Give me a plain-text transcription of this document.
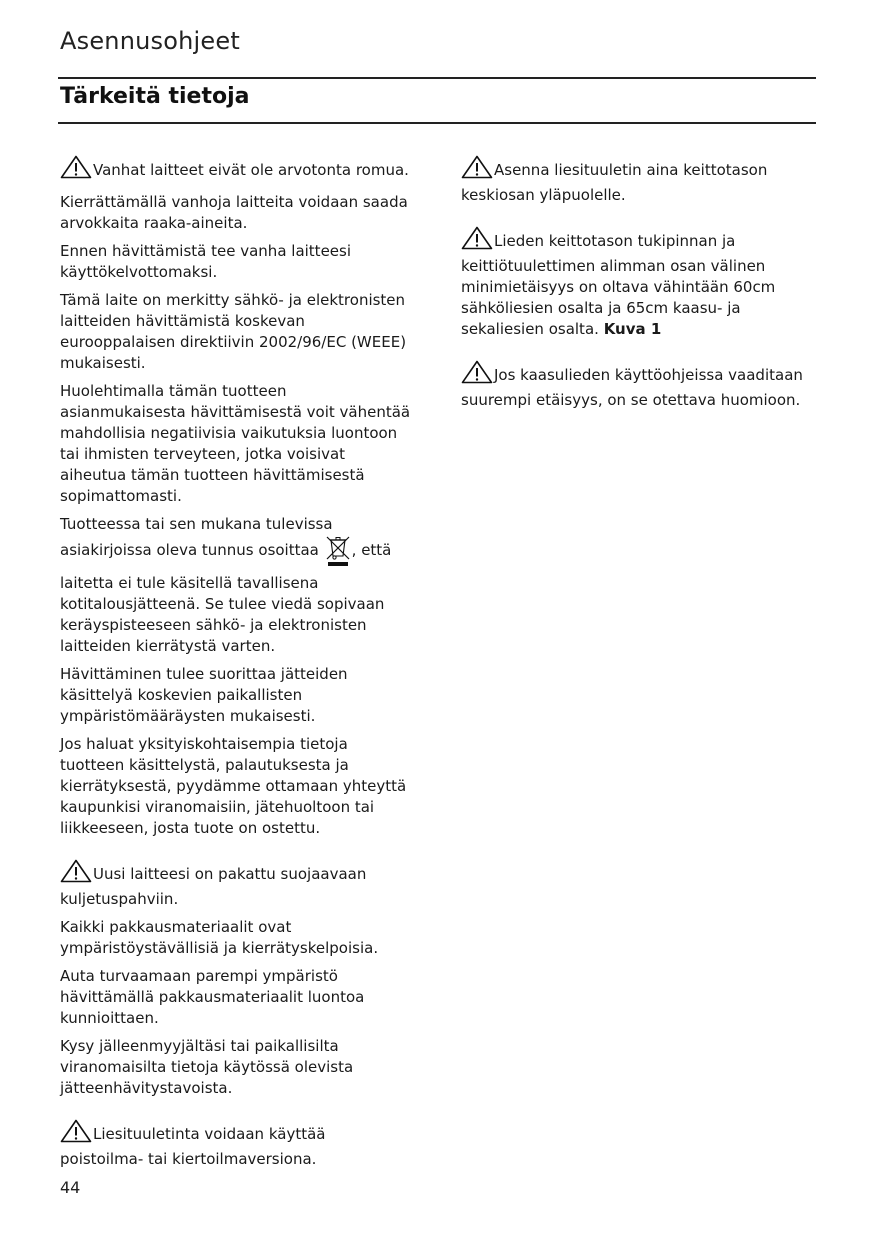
Asennusohjeet
Tärkeitä tietoja

Vanhat laitteet eivät ole arvotonta romua.

Kierrättämällä vanhoja laitteita voidaan saada arvokkaita raaka-aineita.

Ennen hävittämistä tee vanha laitteesi käyttökelvottomaksi.

Tämä laite on merkitty sähkö- ja elektronisten laitteiden hävittämistä koskevan eurooppalaisen direktiivin 2002/96/EC (WEEE) mukaisesti.

Huolehtimalla tämän tuotteen asianmukaisesta hävittämisestä voit vähentää mahdollisia negatiivisia vaikutuksia luontoon tai ihmisten terveyteen, jotka voisivat aiheutua tämän tuotteen hävittämisestä sopimattomasti.

Tuotteessa tai sen mukana tulevissa asiakirjoissa oleva tunnus osoittaa , että laitetta ei tule käsitellä tavallisena kotitalousjätteenä. Se tulee viedä sopivaan keräyspisteeseen sähkö- ja elektronisten laitteiden kierrätystä varten.

Hävittäminen tulee suorittaa jätteiden käsittelyä koskevien paikallisten ympäristömääräysten mukaisesti.

Jos haluat yksityiskohtaisempia tietoja tuotteen käsittelystä, palautuksesta ja kierrätyksestä, pyydämme ottamaan yhteyttä kaupunkisi viranomaisiin, jätehuoltoon tai liikkeeseen, josta tuote on ostettu.

Uusi laitteesi on pakattu suojaavaan kuljetuspahviin.

Kaikki pakkausmateriaalit ovat ympäristöystävällisiä ja kierrätyskelpoisia.

Auta turvaamaan parempi ympäristö hävittämällä pakkausmateriaalit luontoa kunnioittaen.

Kysy jälleenmyyjältäsi tai paikallisilta viranomaisilta tietoja käytössä olevista jätteenhävitystavoista.

Liesituuletinta voidaan käyttää poistoilma- tai kiertoilmaversiona.

Asenna liesituuletin aina keittotason keskiosan yläpuolelle.

Lieden keittotason tukipinnan ja keittiötuulettimen alimman osan välinen minimietäisyys on oltava vähintään 60cm sähköliesien osalta ja 65cm kaasu- ja sekaliesien osalta. Kuva 1

Jos kaasulieden käyttöohjeissa vaaditaan suurempi etäisyys, on se otettava huomioon.

44
